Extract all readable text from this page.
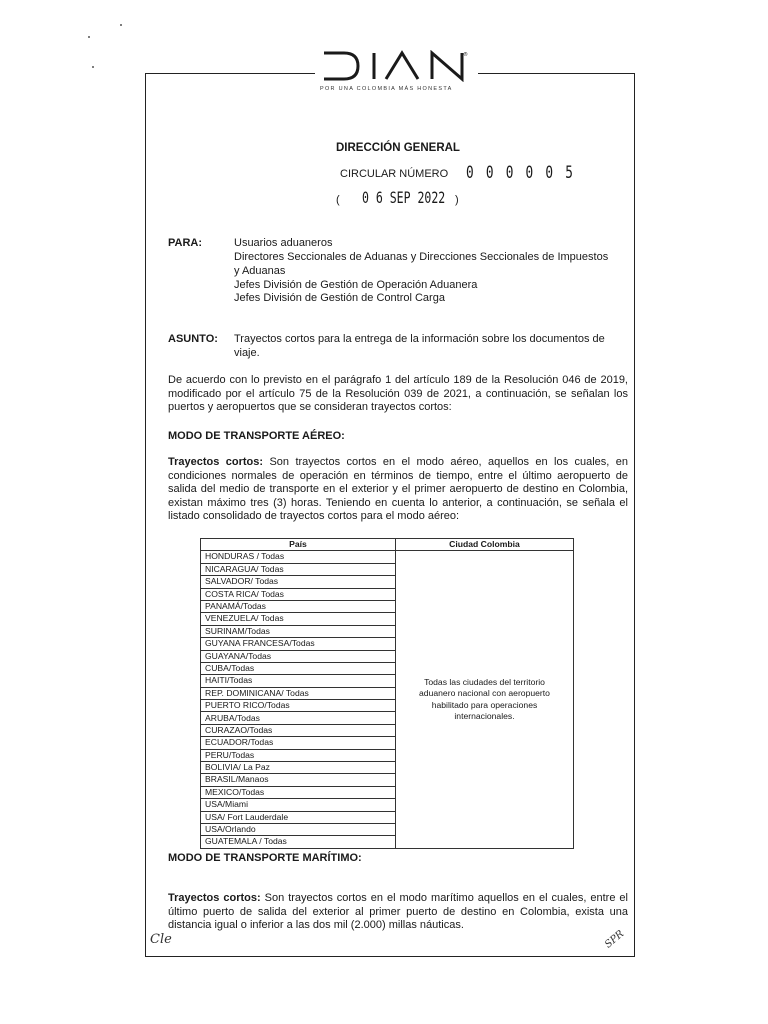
®
POR UNA COLOMBIA MÁS HONESTA
DIRECCIÓN GENERAL
CIRCULAR NÚMERO 0 0 0 0 0 5
( 0 6 SEP 2022 )
PARA:	Usuarios aduaneros
Directores Seccionales de Aduanas y Direcciones Seccionales de Impuestos
y Aduanas
Jefes División de Gestión de Operación Aduanera
Jefes División de Gestión de Control Carga
ASUNTO: Trayectos cortos para la entrega de la información sobre los documentos de
viaje.
De acuerdo con lo previsto en el parágrafo 1 del artículo 189 de la Resolución 046 de 2019, modificado por el artículo 75 de la Resolución 039 de 2021, a continuación, se señalan los puertos y aeropuertos que se consideran trayectos cortos:
MODO DE TRANSPORTE AÉREO:
Trayectos cortos: Son trayectos cortos en el modo aéreo, aquellos en los cuales, en condiciones normales de operación en términos de tiempo, entre el último aeropuerto de salida del medio de transporte en el exterior y el primer aeropuerto de destino en Colombia, existan máximo tres (3) horas. Teniendo en cuenta lo anterior, a continuación, se señala el listado consolidado de trayectos cortos para el modo aéreo:
País	Ciudad Colombia
HONDURAS / Todas	Todas las ciudades del territorio aduanero nacional con aeropuerto habilitado para operaciones internacionales.
NICARAGUA/ Todas	
SALVADOR/ Todas	
COSTA RICA/ Todas	
PANAMÁ/Todas	
VENEZUELA/ Todas	
SURINAM/Todas	
GUYANA FRANCESA/Todas	
GUAYANA/Todas	
CUBA/Todas	
HAITI/Todas	
REP. DOMINICANA/ Todas	
PUERTO RICO/Todas	
ARUBA/Todas	
CURAZAO/Todas	
ECUADOR/Todas	
PERU/Todas	
BOLIVIA/ La Paz	
BRASIL/Manaos	
MEXICO/Todas	
USA/Miami	
USA/ Fort Lauderdale	
USA/Orlando	
GUATEMALA / Todas	
MODO DE TRANSPORTE MARÍTIMO:
Trayectos cortos: Son trayectos cortos en el modo marítimo aquellos en el cuales, entre el último puerto de salida del exterior al primer puerto de destino en Colombia, exista una distancia igual o inferior a las dos mil (2.000) millas náuticas.
Cle	SPR
